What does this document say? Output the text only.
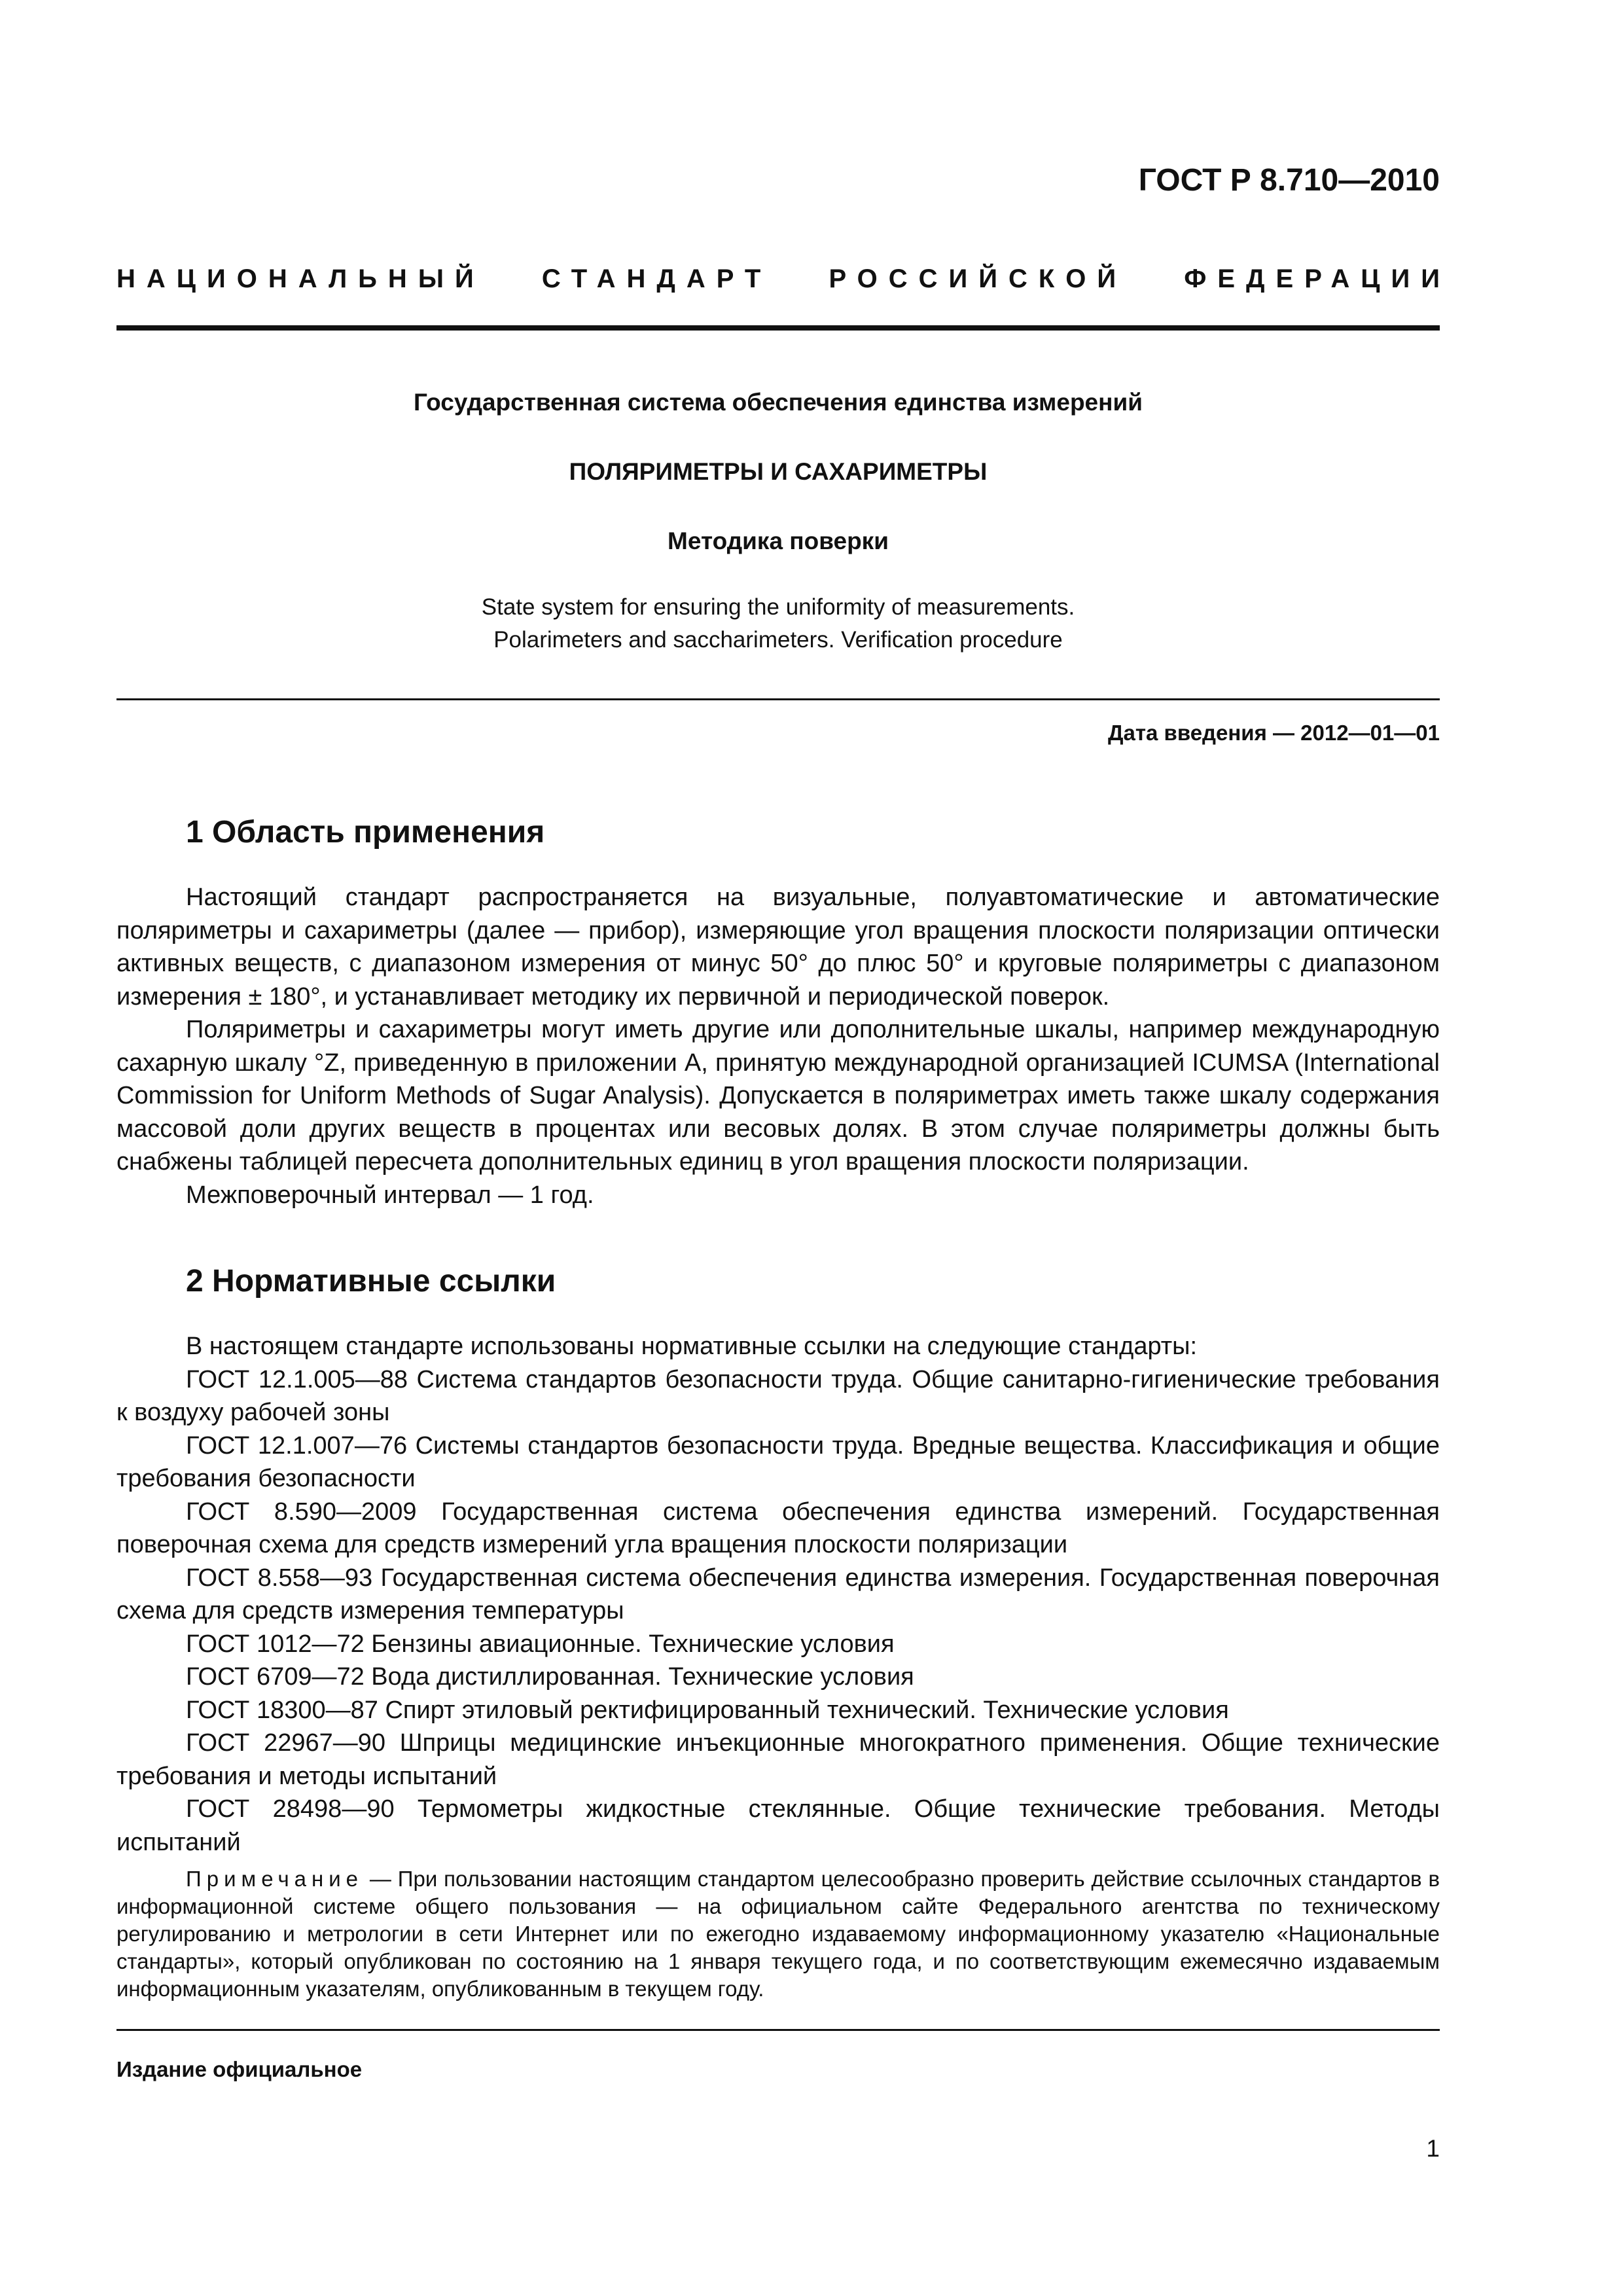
ГОСТ Р 8.710—2010
НАЦИОНАЛЬНЫЙ СТАНДАРТ РОССИЙСКОЙ ФЕДЕРАЦИИ
Государственная система обеспечения единства измерений
ПОЛЯРИМЕТРЫ И САХАРИМЕТРЫ
Методика поверки
State system for ensuring the uniformity of measurements.
Polarimeters and saccharimeters. Verification procedure
Дата введения — 2012—01—01
1 Область применения

Настоящий стандарт распространяется на визуальные, полуавтоматические и автоматические поляриметры и сахариметры (далее — прибор), измеряющие угол вращения плоскости поляризации оптически активных веществ, с диапазоном измерения от минус 50° до плюс 50° и круговые поляриметры с диапазоном измерения ± 180°, и устанавливает методику их первичной и периодической поверок.

Поляриметры и сахариметры могут иметь другие или дополнительные шкалы, например международную сахарную шкалу °Z, приведенную в приложении А, принятую международной организацией ICUMSA (International Commission for Uniform Methods of Sugar Analysis). Допускается в поляриметрах иметь также шкалу содержания массовой доли других веществ в процентах или весовых долях. В этом случае поляриметры должны быть снабжены таблицей пересчета дополнительных единиц в угол вращения плоскости поляризации.

Межповерочный интервал — 1 год.

2 Нормативные ссылки

В настоящем стандарте использованы нормативные ссылки на следующие стандарты:

ГОСТ 12.1.005—88 Система стандартов безопасности труда. Общие санитарно-гигиенические требования к воздуху рабочей зоны

ГОСТ 12.1.007—76 Системы стандартов безопасности труда. Вредные вещества. Классификация и общие требования безопасности

ГОСТ 8.590—2009 Государственная система обеспечения единства измерений. Государственная поверочная схема для средств измерений угла вращения плоскости поляризации

ГОСТ 8.558—93 Государственная система обеспечения единства измерения. Государственная поверочная схема для средств измерения температуры

ГОСТ 1012—72 Бензины авиационные. Технические условия

ГОСТ 6709—72 Вода дистиллированная. Технические условия

ГОСТ 18300—87 Спирт этиловый ректифицированный технический. Технические условия

ГОСТ 22967—90 Шприцы медицинские инъекционные многократного применения. Общие технические требования и методы испытаний

ГОСТ 28498—90 Термометры жидкостные стеклянные. Общие технические требования. Методы испытаний

Примечание — При пользовании настоящим стандартом целесообразно проверить действие ссылочных стандартов в информационной системе общего пользования — на официальном сайте Федерального агентства по техническому регулированию и метрологии в сети Интернет или по ежегодно издаваемому информационному указателю «Национальные стандарты», который опубликован по состоянию на 1 января текущего года, и по соответствующим ежемесячно издаваемым информационным указателям, опубликованным в текущем году.
Издание официальное
1
